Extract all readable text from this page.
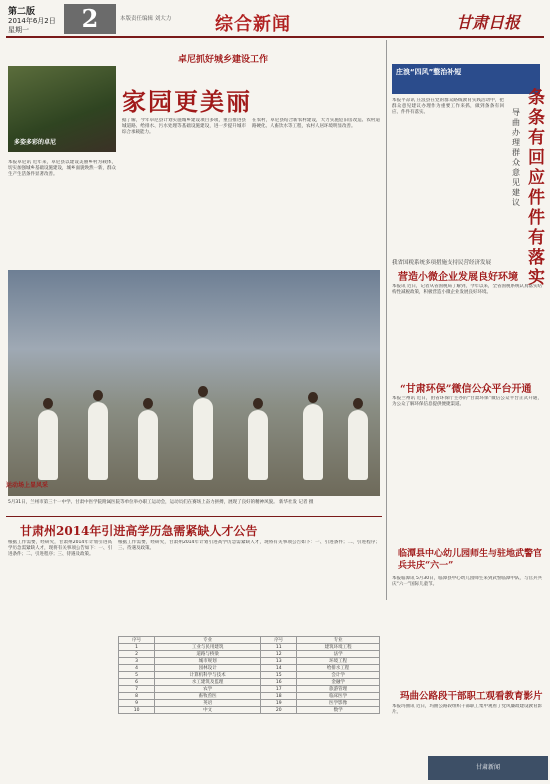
第二版
2014年6月2日
星期一	2	本版责任编辑 刘大力 综合新闻	甘肃日报
多姿多彩的卓尼
卓尼抓好城乡建设工作
家园更美丽
本报卓尼讯 近年来，卓尼县以建设美丽乡村为载体，切实加强城乡基础设施建设，城乡面貌焕然一新，群众生产生活条件显著改善。
据了解，今年卓尼县计划实施城乡建设项目多项，重点推进县城道路、给排水、污水处理等基础设施建设，进一步提升城市综合承载能力。
在农村，卓尼县结合新农村建设，大力实施危旧房改造、农村道路硬化、人畜饮水等工程，农村人居环境明显改善。
庄浪“四风”整治补短
本报平凉讯 庄浪县在党的群众路线教育实践活动中，把群众意见建议办理作为重要工作来抓，做到条条有回应、件件有落实。
条条有回应 件件有落实
导曲办理群众意见建议
我省国税系统多项措施支持民营经济发展
营造小微企业发展良好环境
本报讯 近日，记者从省国税局了解到，今年以来，全省国税系统认真落实结构性减税政策，积极营造小微企业发展良好环境。
“甘肃环保”微信公众平台开通
本报兰州讯 近日，由省环保厅主办的“甘肃环保”微信公众平台正式开通，为公众了解环保信息提供便捷渠道。
临潭县中心幼儿园师生与驻地武警官兵共庆“六一”
本报临潭讯 5月30日，临潭县中心幼儿园师生来到武警临潭中队，与官兵共庆“六一”国际儿童节。
玛曲公路段干部职工观看教育影片
本报玛曲讯 近日，玛曲公路段组织干部职工集中观看了党风廉政建设教育影片。
运动场上显风采
5月31日，兰州市第三十一中学、甘肃中医学院附属医院等单位举办职工运动会，运动员们在赛场上奋力拼搏，展现了良好的精神风貌。 新华社发 记者 摄
甘肃州2014年引进高学历急需紧缺人才公告
根据工作需要，经研究，甘肃州2014年计划引进高学历急需紧缺人才，现将有关事项公告如下：一、引进条件；二、引进程序；三、待遇及政策。
根据工作需要，经研究，甘肃州2014年计划引进高学历急需紧缺人才，现将有关事项公告如下：一、引进条件；二、引进程序；三、待遇及政策。
序号	专业	序号	专业
1	工业与民用建筑	11	建筑环境工程
2	道路与桥梁	12	法学
3	城市规划	13	环境工程
4	园林设计	14	给排水工程
5	计算机科学与技术	15	会计学
6	水工建筑及监理	16	金融学
7	农学	17	旅游管理
8	畜牧兽医	18	临床医学
9	英语	19	医学影像
10	中文	20	数学
甘肃新闻
